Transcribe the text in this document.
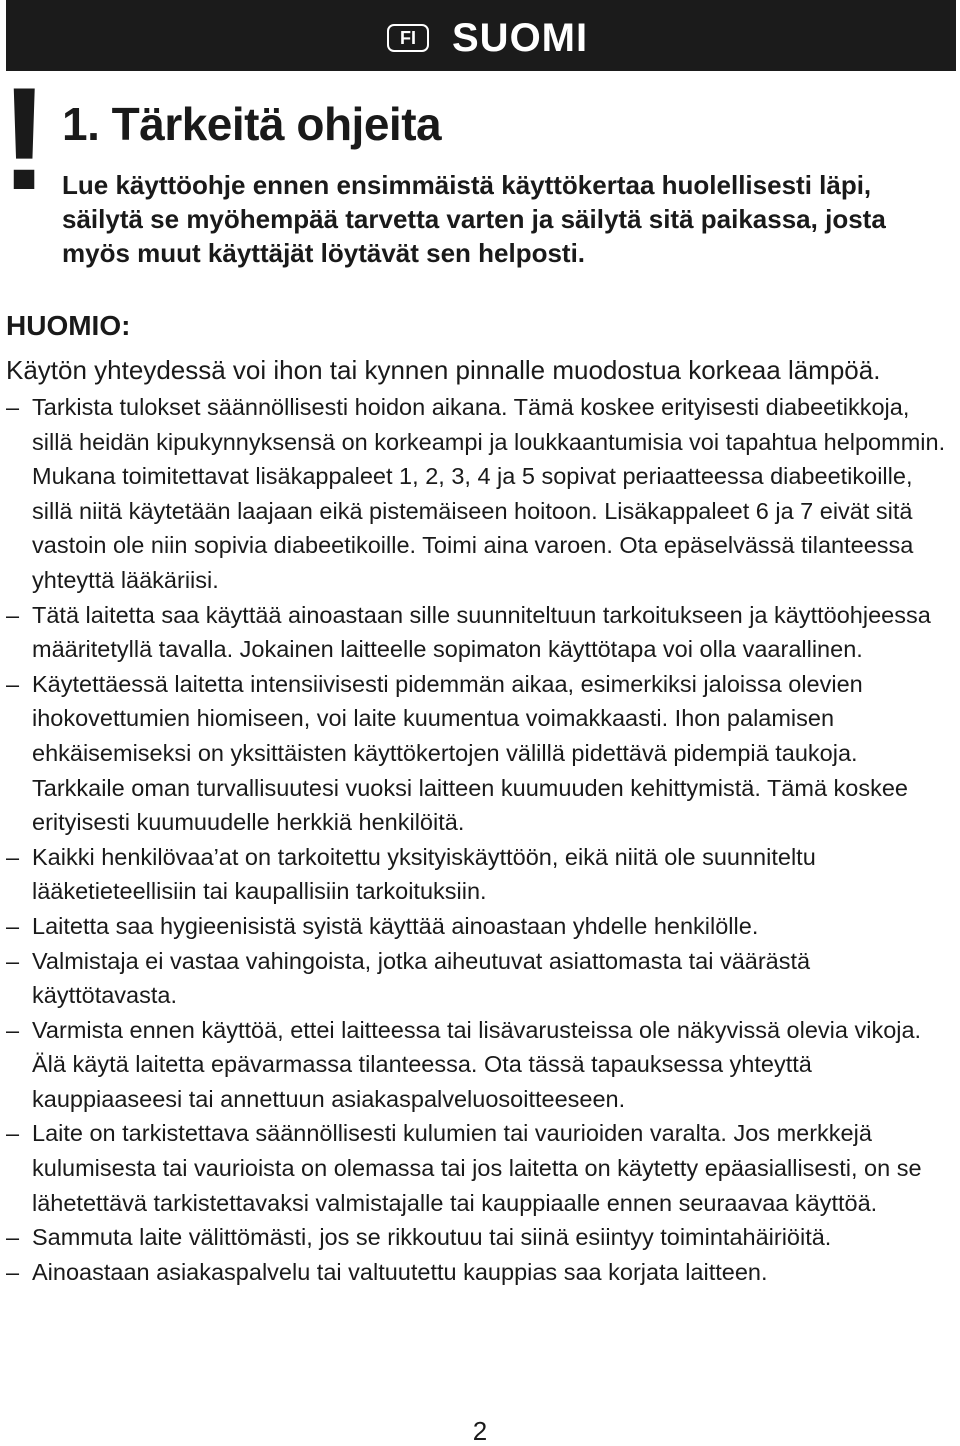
FI SUOMI
! 1. Tärkeitä ohjeita

Lue käyttöohje ennen ensimmäistä käyttökertaa huolellisesti läpi, säilytä se myöhempää tarvetta varten ja säilytä sitä paikassa, josta myös muut käyttäjät löytävät sen helposti.

HUOMIO:

Käytön yhteydessä voi ihon tai kynnen pinnalle muodostua korkeaa lämpöä.

– Tarkista tulokset säännöllisesti hoidon aikana. Tämä koskee erityisesti diabeetikkoja, sillä heidän kipukynnyksensä on korkeampi ja loukkaantumisia voi tapahtua helpommin. Mukana toimitettavat lisäkappaleet 1, 2, 3, 4 ja 5 sopivat periaatteessa diabeetikoille, sillä niitä käytetään laajaan eikä pistemäiseen hoitoon. Lisäkappaleet 6 ja 7 eivät sitä vastoin ole niin sopivia diabeetikoille. Toimi aina varoen. Ota epäselvässä tilanteessa yhteyttä lääkäriisi.
– Tätä laitetta saa käyttää ainoastaan sille suunniteltuun tarkoitukseen ja käyttöohjeessa määritetyllä tavalla. Jokainen laitteelle sopimaton käyttötapa voi olla vaarallinen.
– Käytettäessä laitetta intensiivisesti pidemmän aikaa, esimerkiksi jaloissa olevien ihokovettumien hiomiseen, voi laite kuumentua voimakkaasti. Ihon palamisen ehkäisemiseksi on yksittäisten käyttökertojen välillä pidettävä pidempiä taukoja. Tarkkaile oman turvallisuutesi vuoksi laitteen kuumuuden kehittymistä. Tämä koskee erityisesti kuumuudelle herkkiä henkilöitä.
– Kaikki henkilövaa’at on tarkoitettu yksityiskäyttöön, eikä niitä ole suunniteltu lääketieteellisiin tai kaupallisiin tarkoituksiin.
– Laitetta saa hygieenisistä syistä käyttää ainoastaan yhdelle henkilölle.
– Valmistaja ei vastaa vahingoista, jotka aiheutuvat asiattomasta tai väärästä käyttötavasta.
– Varmista ennen käyttöä, ettei laitteessa tai lisävarusteissa ole näkyvissä olevia vikoja. Älä käytä laitetta epävarmassa tilanteessa. Ota tässä tapauksessa yhteyttä kauppiaaseesi tai annettuun asiakaspalveluosoitteeseen.
– Laite on tarkistettava säännöllisesti kulumien tai vaurioiden varalta. Jos merkkejä kulumisesta tai vaurioista on olemassa tai jos laitetta on käytetty epäasiallisesti, on se lähetettävä tarkistettavaksi valmistajalle tai kauppiaalle ennen seuraavaa käyttöä.
– Sammuta laite välittömästi, jos se rikkoutuu tai siinä esiintyy toimintahäiriöitä.
– Ainoastaan asiakaspalvelu tai valtuutettu kauppias saa korjata laitteen.
2
